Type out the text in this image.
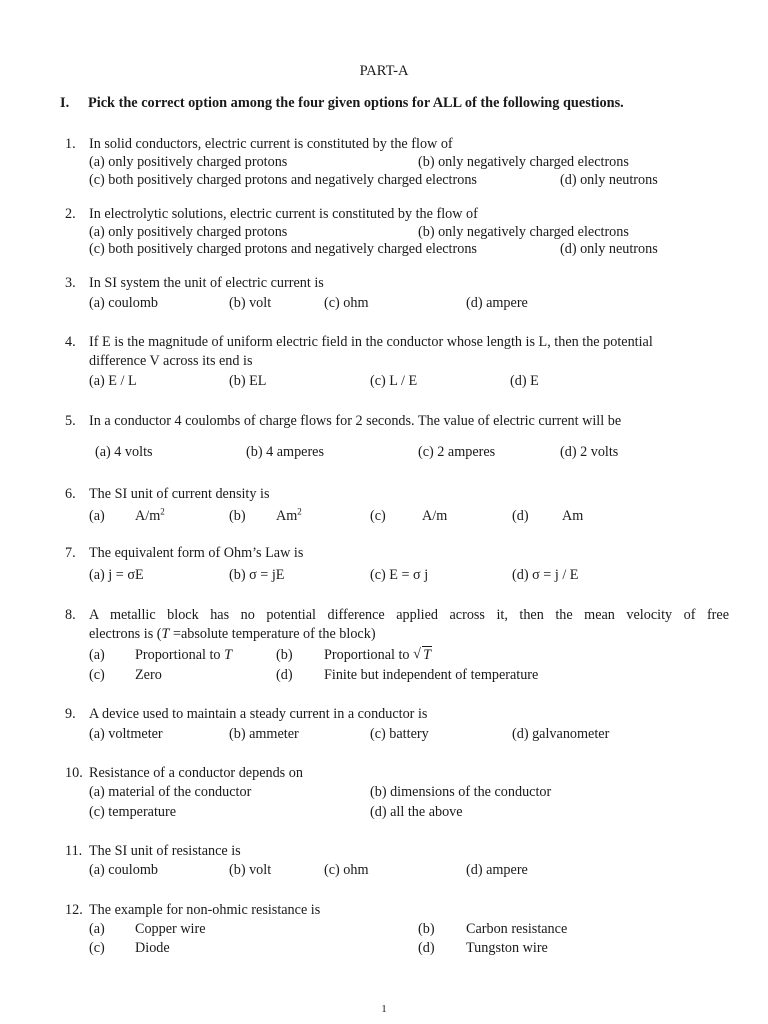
PART-A
I. Pick the correct option among the four given options for ALL of the following questions.
1. In solid conductors, electric current is constituted by the flow of
(a) only positively charged protons	(b) only negatively charged electrons
(c) both positively charged protons and negatively charged electrons	(d) only neutrons
2. In electrolytic solutions, electric current is constituted by the flow of
(a) only positively charged protons	(b) only negatively charged electrons
(c) both positively charged protons and negatively charged electrons	(d) only neutrons
3. In SI system the unit of electric current is
(a) coulomb	(b) volt	(c) ohm	(d) ampere
4. If E is the magnitude of uniform electric field in the conductor whose length is L, then the potential
difference V across its end is
(a) E / L	(b) EL	(c) L / E	(d) E
5. In a conductor 4 coulombs of charge flows for 2 seconds. The value of electric current will be
(a) 4 volts	(b) 4 amperes	(c) 2 amperes	(d) 2 volts
6. The SI unit of current density is
(a) $A/m^2$	(b) Am$^2$	(c)	A/m	(d) Am
7. The equivalent form of Ohm’s Law is
(a) j = σE	(b) σ = jE	(c) E = σ j	(d) σ = j / E
8. A metallic block has no potential difference applied across it, then the mean velocity of free
electrons is (T =absolute temperature of the block)
(a) Proportional to T	(b) Proportional to √ T
(c) Zero	(d) Finite but independent of temperature
9. A device used to maintain a steady current in a conductor is
(a) voltmeter	(b) ammeter	(c) battery	(d) galvanometer
10. Resistance of a conductor depends on
(a) material of the conductor	(b) dimensions of the conductor
(c) temperature	(d) all the above
11. The SI unit of resistance is
(a) coulomb	(b) volt	(c) ohm	(d) ampere
12. The example for non-ohmic resistance is
(a) Copper wire	(b) Carbon resistance
(c) Diode	(d) Tungston wire
1
